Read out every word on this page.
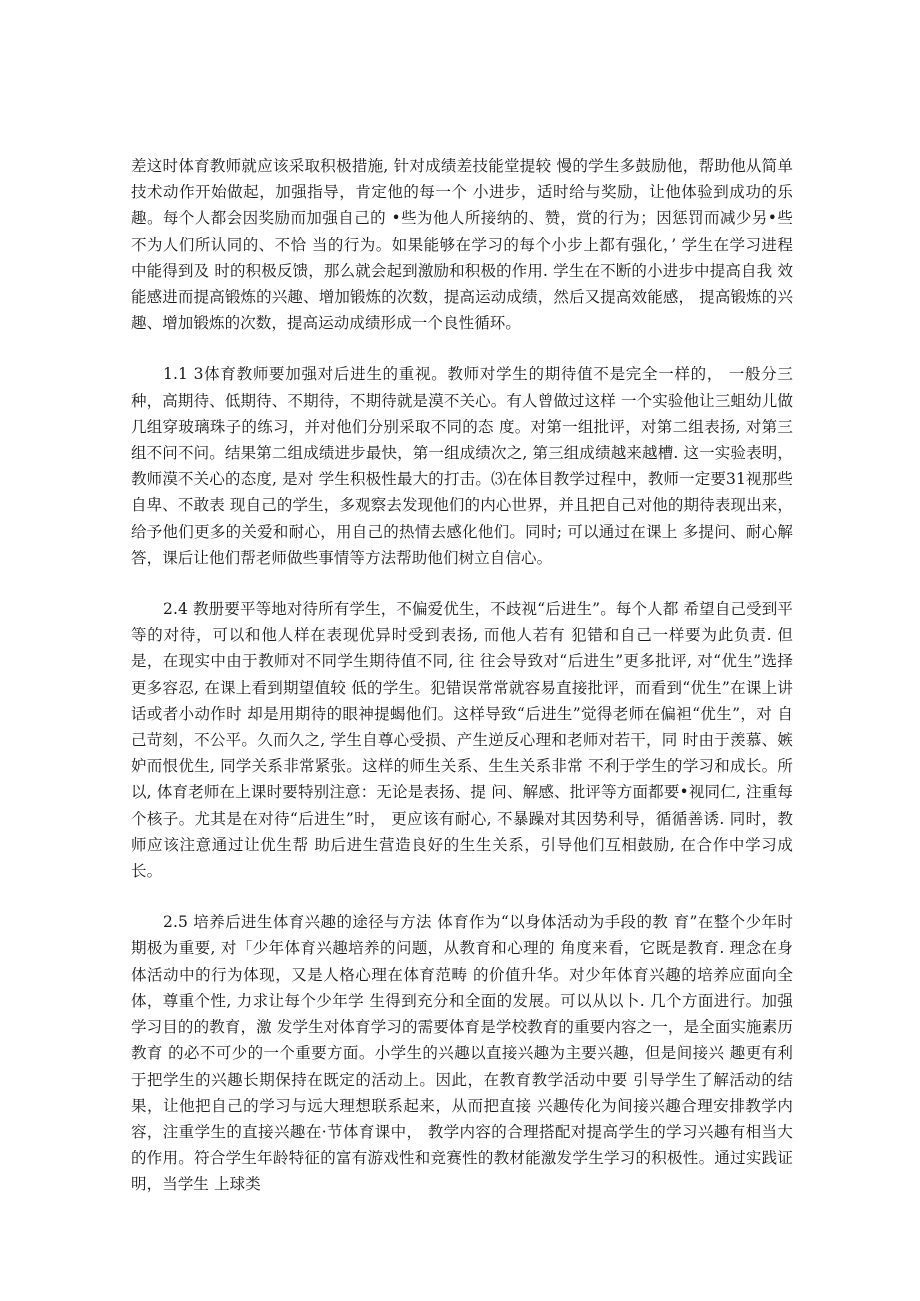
差这时体育教师就应该采取积极措施, 针对成绩差技能堂提较 慢的学生多鼓励他，帮助他从简单技术动作开始做起，加强指导，肯定他的每一个 小进步，适时给与奖励，让他体验到成功的乐趣。每个人都会因奖励而加强自己的 •些为他人所接纳的、赞，赏的行为；因惩罚而减少另•些不为人们所认同的、不恰 当的行为。如果能够在学习的每个小步上都有强化，’ 学生在学习进程中能得到及 时的积极反馈，那么就会起到激励和积极的作用. 学生在不断的小进步中提高自我 效能感进而提高锻炼的兴趣、增加锻炼的次数，提高运动成绩，然后又提高效能感， 提高锻炼的兴趣、增加锻炼的次数，提高运动成绩形成一个良性循环。

1.1 3体育教师要加强对后进生的重视。教师对学生的期待值不是完全一样的， 一般分三种，高期待、低期待、不期待，不期待就是漠不关心。有人曾做过这样 一个实验他让三蛆幼儿做几组穿玻璃珠子的练习，并对他们分别采取不同的态 度。对第一组批评，对第二组表扬, 对第三组不问不问。结果第二组成绩进步最快，第一组成绩次之, 第三组成绩越来越槽. 这一实验表明，教师漠不关心的态度, 是对 学生积极性最大的打击。⑶在体目教学过程中，教师一定要31视那些自卑、不敢表 现自己的学生，多观察去发现他们的内心世界，并且把自己对他的期待表现出来， 给予他们更多的关爱和耐心，用自己的热情去感化他们。同时; 可以通过在课上 多提问、耐心解答，课后让他们帮老师做些事情等方法帮助他们树立自信心。

2.4 教册要平等地对待所有学生，不偏爱优生，不歧视“后进生”。每个人都 希望自己受到平等的对待，可以和他人样在表现优异时受到表扬, 而他人若有 犯错和自己一样要为此负责. 但是，在现实中由于教师对不同学生期待值不同, 往 往会导致对“后进生”更多批评, 对“优生”选择更多容忍, 在课上看到期望值较 低的学生。犯错误常常就容易直接批评，而看到“优生”在课上讲话或者小动作时 却是用期待的眼神提蝎他们。这样导致“后进生”觉得老师在偏袒“优生”，对 自己苛刻，不公平。久而久之, 学生自尊心受损、产生逆反心理和老师对若干，同 时由于羡慕、嫉妒而恨优生, 同学关系非常紧张。这样的师生关系、生生关系非常 不利于学生的学习和成长。所以, 体育老师在上课时要特别注意：无论是表扬、提 问、解感、批评等方面都要•视同仁, 注重每个核子。尤其是在对待“后进生”时， 更应该有耐心, 不暴躁对其因势利导，循循善诱. 同时，教师应该注意通过让优生帮 助后进生营造良好的生生关系，引导他们互相鼓励, 在合作中学习成长。

2.5 培养后进生体育兴趣的途径与方法 体育作为“以身体活动为手段的教 育”在整个少年时期极为重要, 对「少年体育兴趣培养的问题，从教育和心理的 角度来看，它既是教育. 理念在身体活动中的行为体现，又是人格心理在体育范畴 的价值升华。对少年体育兴趣的培养应面向全体，尊重个性, 力求让每个少年学 生得到充分和全面的发展。可以从以卜. 几个方面进行。加强学习目的的教育，激 发学生对体育学习的需要体育是学校教育的重要内容之一，是全面实施素历教育 的必不可少的一个重要方面。小学生的兴趣以直接兴趣为主要兴趣，但是间接兴 趣更有利于把学生的兴趣长期保持在既定的活动上。因此，在教育教学活动中要 引导学生了解活动的结果，让他把自己的学习与远大理想联系起来，从而把直接 兴趣传化为间接兴趣合理安排教学内容，注重学生的直接兴趣在·节体育课中， 教学内容的合理搭配对提高学生的学习兴趣有相当大的作用。符合学生年龄特征的富有游戏性和竞赛性的教材能激发学生学习的积极性。通过实践证明，当学生 上球类
